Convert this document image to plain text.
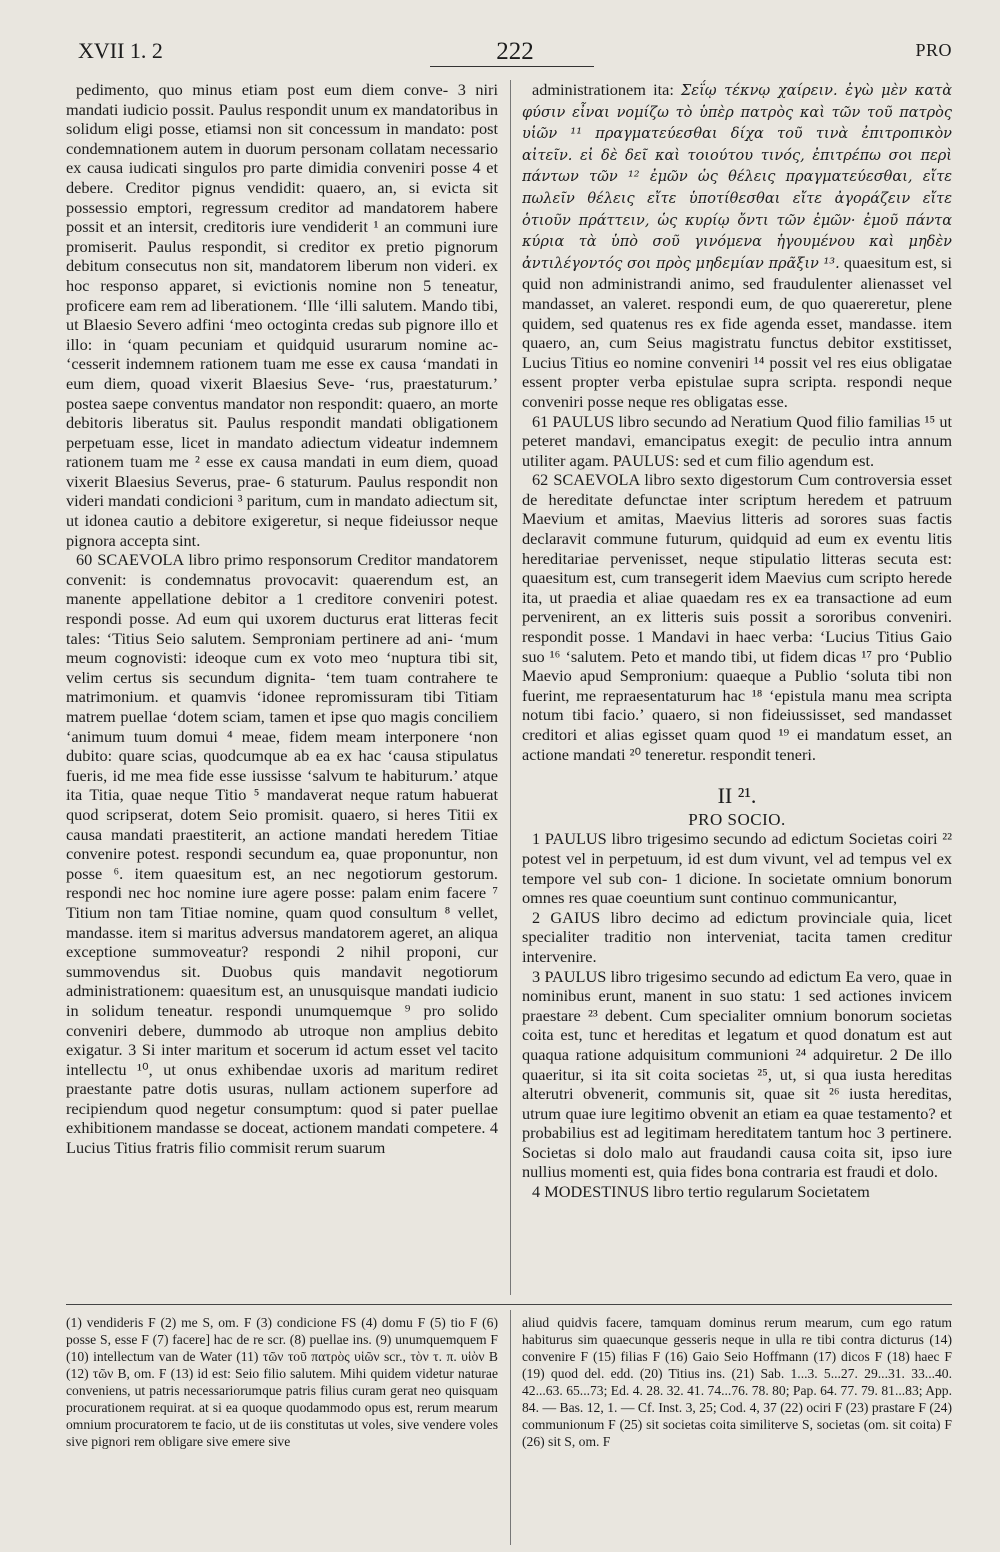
XVII 1. 2	222	PRO

pedimento, quo minus etiam post eum diem conve- 3 niri mandati iudicio possit. Paulus respondit unum ex mandatoribus in solidum eligi posse, etiamsi non sit concessum in mandato: post condemnationem autem in duorum personam collatam necessario ex causa iudicati singulos pro parte dimidia conveniri posse 4 et debere. Creditor pignus vendidit: quaero, an, si evicta sit possessio emptori, regressum creditor ad mandatorem habere possit et an intersit, creditoris iure vendiderit ¹ an communi iure promiserit. Paulus respondit, si creditor ex pretio pignorum debitum consecutus non sit, mandatorem liberum non videri. ex hoc responso apparet, si evictionis nomine non 5 teneatur, proficere eam rem ad liberationem. ‘Ille ‘illi salutem. Mando tibi, ut Blaesio Severo adfini ‘meo octoginta credas sub pignore illo et illo: in ‘quam pecuniam et quidquid usurarum nomine ac- ‘cesserit indemnem rationem tuam me esse ex causa ‘mandati in eum diem, quoad vixerit Blaesius Seve- ‘rus, praestaturum.’ postea saepe conventus mandator non respondit: quaero, an morte debitoris liberatus sit. Paulus respondit mandati obligationem perpetuam esse, licet in mandato adiectum videatur indemnem rationem tuam me ² esse ex causa mandati in eum diem, quoad vixerit Blaesius Severus, prae- 6 staturum. Paulus respondit non videri mandati condicioni ³ paritum, cum in mandato adiectum sit, ut idonea cautio a debitore exigeretur, si neque fideiussor neque pignora accepta sint.

60 SCAEVOLA libro primo responsorum Creditor mandatorem convenit: is condemnatus provocavit: quaerendum est, an manente appellatione debitor a 1 creditore conveniri potest. respondi posse. Ad eum qui uxorem ducturus erat litteras fecit tales: ‘Titius Seio salutem. Semproniam pertinere ad ani- ‘mum meum cognovisti: ideoque cum ex voto meo ‘nuptura tibi sit, velim certus sis secundum dignita- ‘tem tuam contrahere te matrimonium. et quamvis ‘idonee repromissuram tibi Titiam matrem puellae ‘dotem sciam, tamen et ipse quo magis conciliem ‘animum tuum domui ⁴ meae, fidem meam interponere ‘non dubito: quare scias, quodcumque ab ea ex hac ‘causa stipulatus fueris, id me mea fide esse iussisse ‘salvum te habiturum.’ atque ita Titia, quae neque Titio ⁵ mandaverat neque ratum habuerat quod scripserat, dotem Seio promisit. quaero, si heres Titii ex causa mandati praestiterit, an actione mandati heredem Titiae convenire potest. respondi secundum ea, quae proponuntur, non posse ⁶. item quaesitum est, an nec negotiorum gestorum. respondi nec hoc nomine iure agere posse: palam enim facere ⁷ Titium non tam Titiae nomine, quam quod consultum ⁸ vellet, mandasse. item si maritus adversus mandatorem ageret, an aliqua exceptione summoveatur? respondi 2 nihil proponi, cur summovendus sit. Duobus quis mandavit negotiorum administrationem: quaesitum est, an unusquisque mandati iudicio in solidum teneatur. respondi unumquemque ⁹ pro solido conveniri debere, dummodo ab utroque non amplius debito exigatur. 3 Si inter maritum et socerum id actum esset vel tacito intellectu ¹⁰, ut onus exhibendae uxoris ad maritum rediret praestante patre dotis usuras, nullam actionem superfore ad recipiendum quod negetur consumptum: quod si pater puellae exhibitionem mandasse se doceat, actionem mandati competere. 4 Lucius Titius fratris filio commisit rerum suarum

administrationem ita: Σεΐῳ τέκνῳ χαίρειν. ἐγὼ μὲν κατὰ φύσιν εἶναι νομίζω τὸ ὑπὲρ πατρὸς καὶ τῶν τοῦ πατρὸς υἱῶν ¹¹ πραγματεύεσθαι δίχα τοῦ τινὰ ἐπιτροπικὸν αἰτεῖν. εἰ δὲ δεῖ καὶ τοιούτου τινός, ἐπιτρέπω σοι περὶ πάντων τῶν ¹² ἐμῶν ὡς θέλεις πραγματεύεσθαι, εἴτε πωλεῖν θέλεις εἴτε ὑποτίθεσθαι εἴτε ἀγοράζειν εἴτε ὁτιοῦν πράττειν, ὡς κυρίῳ ὄντι τῶν ἐμῶν· ἐμοῦ πάντα κύρια τὰ ὑπὸ σοῦ γινόμενα ἡγουμένου καὶ μηδὲν ἀντιλέγοντός σοι πρὸς μηδεμίαν πρᾶξιν ¹³. quaesitum est, si quid non administrandi animo, sed fraudulenter alienasset vel mandasset, an valeret. respondi eum, de quo quaereretur, plene quidem, sed quatenus res ex fide agenda esset, mandasse. item quaero, an, cum Seius magistratu functus debitor exstitisset, Lucius Titius eo nomine conveniri ¹⁴ possit vel res eius obligatae essent propter verba epistulae supra scripta. respondi neque conveniri posse neque res obligatas esse.

61 PAULUS libro secundo ad Neratium Quod filio familias ¹⁵ ut peteret mandavi, emancipatus exegit: de peculio intra annum utiliter agam. PAULUS: sed et cum filio agendum est.

62 SCAEVOLA libro sexto digestorum Cum controversia esset de hereditate defunctae inter scriptum heredem et patruum Maevium et amitas, Maevius litteris ad sorores suas factis declaravit commune futurum, quidquid ad eum ex eventu litis hereditariae pervenisset, neque stipulatio litteras secuta est: quaesitum est, cum transegerit idem Maevius cum scripto herede ita, ut praedia et aliae quaedam res ex ea transactione ad eum pervenirent, an ex litteris suis possit a sororibus conveniri. respondit posse. 1 Mandavi in haec verba: ‘Lucius Titius Gaio suo ¹⁶ ‘salutem. Peto et mando tibi, ut fidem dicas ¹⁷ pro ‘Publio Maevio apud Sempronium: quaeque a Publio ‘soluta tibi non fuerint, me repraesentaturum hac ¹⁸ ‘epistula manu mea scripta notum tibi facio.’ quaero, si non fideiussisset, sed mandasset creditori et alias egisset quam quod ¹⁹ ei mandatum esset, an actione mandati ²⁰ teneretur. respondit teneri.

II ²¹.

PRO SOCIO.

1 PAULUS libro trigesimo secundo ad edictum Societas coiri ²² potest vel in perpetuum, id est dum vivunt, vel ad tempus vel ex tempore vel sub con- 1 dicione. In societate omnium bonorum omnes res quae coeuntium sunt continuo communicantur,

2 GAIUS libro decimo ad edictum provinciale quia, licet specialiter traditio non interveniat, tacita tamen creditur intervenire.

3 PAULUS libro trigesimo secundo ad edictum Ea vero, quae in nominibus erunt, manent in suo statu: 1 sed actiones invicem praestare ²³ debent. Cum specialiter omnium bonorum societas coita est, tunc et hereditas et legatum et quod donatum est aut quaqua ratione adquisitum communioni ²⁴ adquiretur. 2 De illo quaeritur, si ita sit coita societas ²⁵, ut, si qua iusta hereditas alterutri obvenerit, communis sit, quae sit ²⁶ iusta hereditas, utrum quae iure legitimo obvenit an etiam ea quae testamento? et probabilius est ad legitimam hereditatem tantum hoc 3 pertinere. Societas si dolo malo aut fraudandi causa coita sit, ipso iure nullius momenti est, quia fides bona contraria est fraudi et dolo.

4 MODESTINUS libro tertio regularum Societatem

(1) vendideris F (2) me S, om. F (3) condicione FS (4) domu F (5) tio F (6) posse S, esse F (7) facere] hac de re scr. (8) puellae ins. (9) unumquemquem F (10) intellectum van de Water (11) τῶν τοῦ πατρὸς υἱῶν scr., τὸν τ. π. υἱὸν B (12) τῶν B, om. F (13) id est: Seio filio salutem. Mihi quidem videtur naturae conveniens, ut patris necessariorumque patris filius curam gerat neo quisquam procurationem requirat. at si ea quoque quodammodo opus est, rerum mearum omnium procuratorem te facio, ut de iis constitutas ut voles, sive vendere voles sive pignori rem obligare sive emere sive

aliud quidvis facere, tamquam dominus rerum mearum, cum ego ratum habiturus sim quaecunque gesseris neque in ulla re tibi contra dicturus (14) convenire F (15) filias F (16) Gaio Seio Hoffmann (17) dicos F (18) haec F (19) quod del. edd. (20) Titius ins. (21) Sab. 1...3. 5...27. 29...31. 33...40. 42...63. 65...73; Ed. 4. 28. 32. 41. 74...76. 78. 80; Pap. 64. 77. 79. 81...83; App. 84. — Bas. 12, 1. — Cf. Inst. 3, 25; Cod. 4, 37 (22) ociri F (23) prastare F (24) communionum F (25) sit societas coita similiterve S, societas (om. sit coita) F (26) sit S, om. F
